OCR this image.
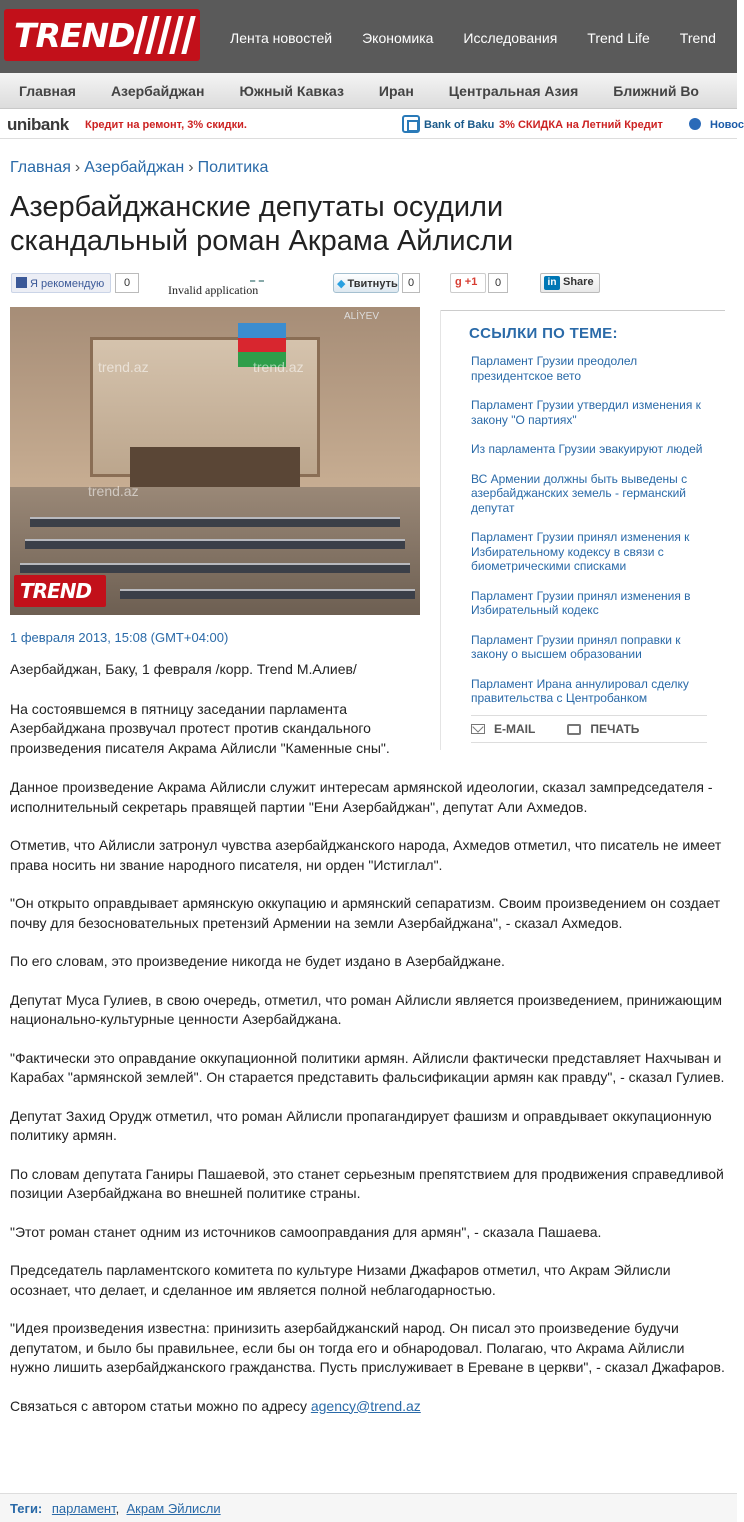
TREND	Лента новостей	Экономика	Исследования	Trend Life	Trend
Главная	Азербайджан	Южный Кавказ	Иран	Центральная Азия	Ближний Во
unibank Кредит на ремонт, 3% скидки.	Bank of Baku 3% СКИДКА на Летний Кредит	Новос
Главная › Азербайджан › Политика
Азербайджанские депутаты осудили скандальный роман Акрама Айлисли
Я рекомендую	0	Invalid application	◆ Твитнуть 0	g +1	0	in Share
ALİYEV
trend.az	trend.az
trend.az
TREND
1 февраля 2013, 15:08 (GMT+04:00)
ССЫЛКИ ПО ТЕМЕ:
Парламент Грузии преодолел президентское вето
Парламент Грузии утвердил изменения к закону "О партиях"
Из парламента Грузии эвакуируют людей
ВС Армении должны быть выведены с азербайджанских земель - германский депутат
Парламент Грузии принял изменения к Избирательному кодексу в связи с биометрическими списками
Парламент Грузии принял изменения в Избирательный кодекс
Парламент Грузии принял поправки к закону о высшем образовании
Парламент Ирана аннулировал сделку правительства с Центробанком
E-MAIL	ПЕЧАТЬ

Азербайджан, Баку, 1 февраля /корр. Trend М.Алиев/

На состоявшемся в пятницу заседании парламента Азербайджана прозвучал протест против скандального произведения писателя Акрама Айлисли "Каменные сны".

Данное произведение Акрама Айлисли служит интересам армянской идеологии, сказал зампредседателя - исполнительный секретарь правящей партии "Ени Азербайджан", депутат Али Ахмедов.

Отметив, что Айлисли затронул чувства азербайджанского народа, Ахмедов отметил, что писатель не имеет права носить ни звание народного писателя, ни орден "Истиглал".

"Он открыто оправдывает армянскую оккупацию и армянский сепаратизм. Своим произведением он создает почву для безосновательных претензий Армении на земли Азербайджана", - сказал Ахмедов.

По его словам, это произведение никогда не будет издано в Азербайджане.

Депутат Муса Гулиев, в свою очередь, отметил, что роман Айлисли является произведением, принижающим национально-культурные ценности Азербайджана.

"Фактически это оправдание оккупационной политики армян. Айлисли фактически представляет Нахчыван и Карабах "армянской землей". Он старается представить фальсификации армян как правду", - сказал Гулиев.

Депутат Захид Орудж отметил, что роман Айлисли пропагандирует фашизм и оправдывает оккупационную политику армян.

По словам депутата Ганиры Пашаевой, это станет серьезным препятствием для продвижения справедливой позиции Азербайджана во внешней политике страны.

"Этот роман станет одним из источников самооправдания для армян", - сказала Пашаева.

Председатель парламентского комитета по культуре Низами Джафаров отметил, что Акрам Эйлисли осознает, что делает, и сделанное им является полной неблагодарностью.

"Идея произведения известна: принизить азербайджанский народ. Он писал это произведение будучи депутатом, и было бы правильнее, если бы он тогда его и обнародовал. Полагаю, что Акрама Айлисли нужно лишить азербайджанского гражданства. Пусть прислуживает в Ереване в церкви", - сказал Джафаров.

Связаться с автором статьи можно по адресу agency@trend.az

Теги: парламент, Акрам Эйлисли
